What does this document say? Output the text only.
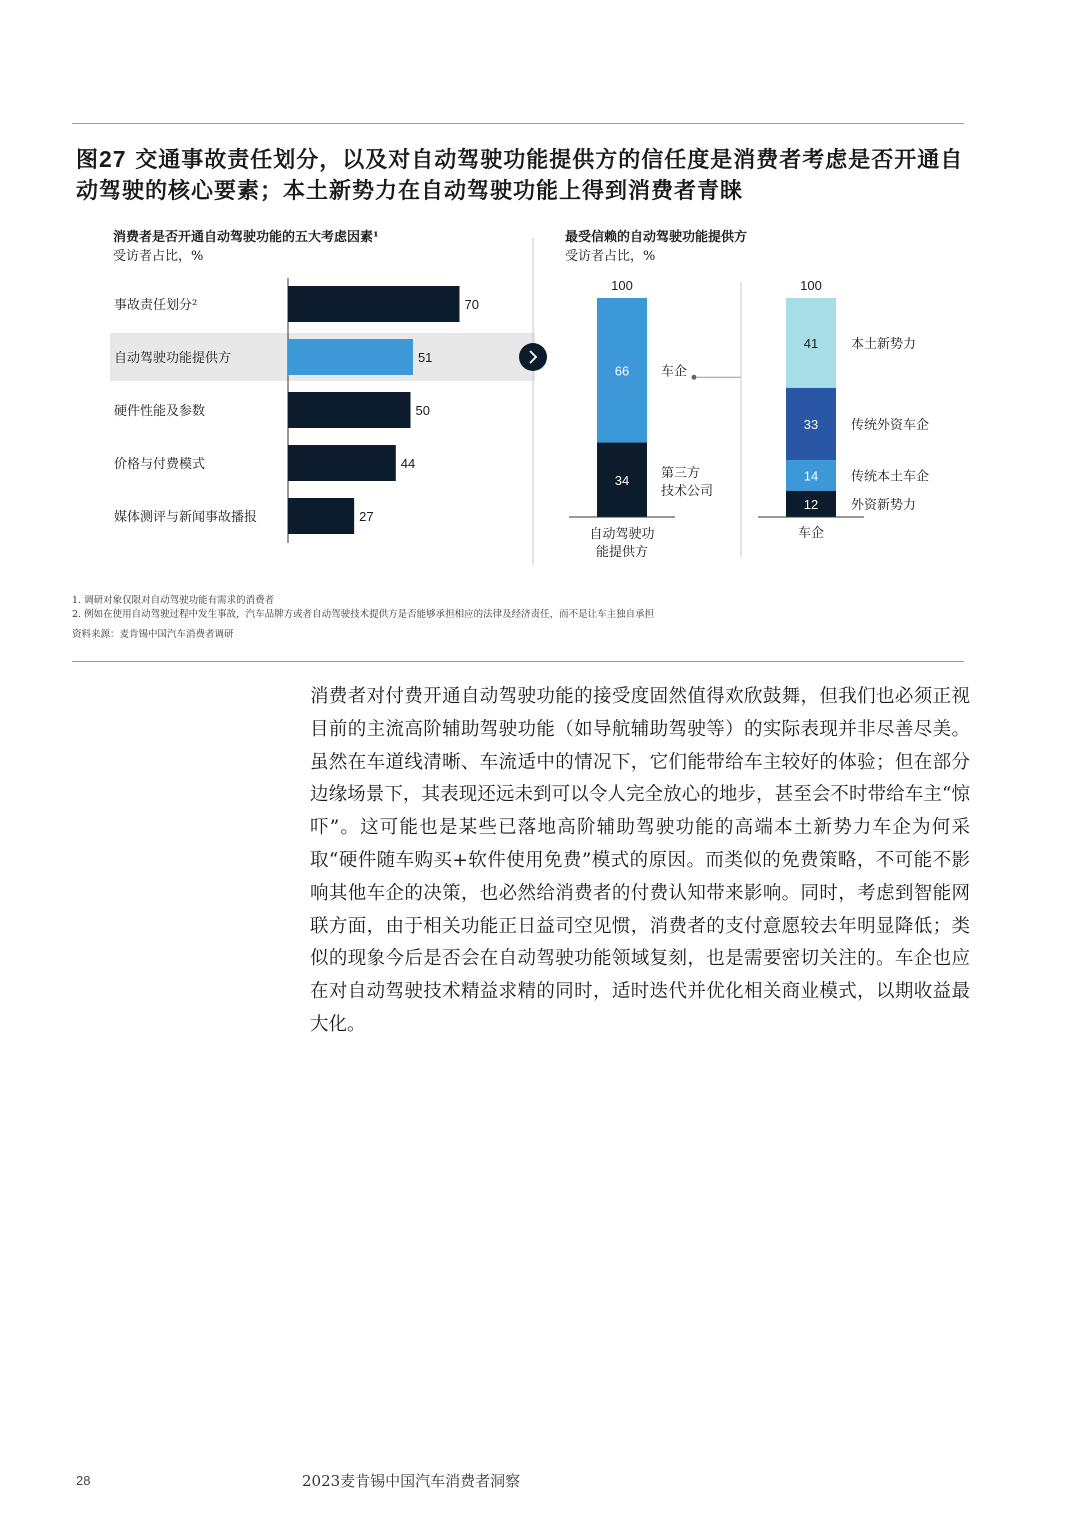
图27 交通事故责任划分，以及对自动驾驶功能提供方的信任度是消费者考虑是否开通自动驾驶的核心要素；本土新势力在自动驾驶功能上得到消费者青睐
消费者是否开通自动驾驶功能的五大考虑因素¹
受访者占比，%
最受信赖的自动驾驶功能提供方
受访者占比，%
事故责任划分²	70
自动驾驶功能提供方	51
硬件性能及参数	50
价格与付费模式	44
媒体测评与新闻事故播报	27
34
66
100
自动驾驶功
能提供方
第三方
技术公司
车企
12
14
33
41
100
车企
外资新势力
传统本土车企
传统外资车企
本土新势力
1. 调研对象仅限对自动驾驶功能有需求的消费者
2. 例如在使用自动驾驶过程中发生事故，汽车品牌方或者自动驾驶技术提供方是否能够承担相应的法律及经济责任，而不是让车主独自承担
资料来源：麦肯锡中国汽车消费者调研

消费者对付费开通自动驾驶功能的接受度固然值得欢欣鼓舞，但我们也必须正视目前的主流高阶辅助驾驶功能（如导航辅助驾驶等）的实际表现并非尽善尽美。虽然在车道线清晰、车流适中的情况下，它们能带给车主较好的体验；但在部分边缘场景下，其表现还远未到可以令人完全放心的地步，甚至会不时带给车主“惊吓”。这可能也是某些已落地高阶辅助驾驶功能的高端本土新势力车企为何采取“硬件随车购买+软件使用免费”模式的原因。而类似的免费策略，不可能不影响其他车企的决策，也必然给消费者的付费认知带来影响。同时，考虑到智能网联方面，由于相关功能正日益司空见惯，消费者的支付意愿较去年明显降低；类似的现象今后是否会在自动驾驶功能领域复刻，也是需要密切关注的。车企也应在对自动驾驶技术精益求精的同时，适时迭代并优化相关商业模式，以期收益最大化。

28	2023麦肯锡中国汽车消费者洞察
